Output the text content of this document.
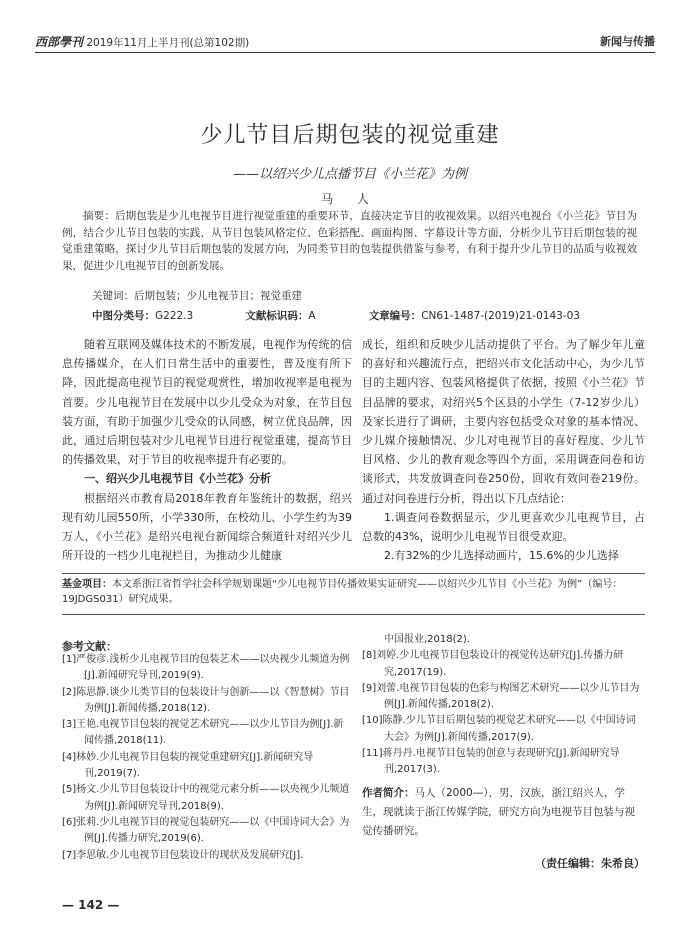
西部學刊 2019年11月上半月刊(总第102期)	新闻与传播
少儿节目后期包装的视觉重建
——以绍兴少儿点播节目《小兰花》为例
马 人
摘要：后期包装是少儿电视节目进行视觉重建的重要环节，直接决定节目的收视效果。以绍兴电视台《小兰花》节目为例，结合少儿节目包装的实践，从节目包装风格定位、色彩搭配、画面构图、字幕设计等方面，分析少儿节目后期包装的视觉重建策略，探讨少儿节目后期包装的发展方向，为同类节目的包装提供借鉴与参考，有利于提升少儿节目的品质与收视效果，促进少儿电视节目的创新发展。
关键词：后期包装；少儿电视节目；视觉重建
中图分类号：G222.3	文献标识码：A	文章编号：CN61-1487-(2019)21-0143-03

随着互联网及媒体技术的不断发展，电视作为传统的信息传播媒介，在人们日常生活中的重要性，普及度有所下降，因此提高电视节目的视觉观赏性，增加收视率是电视为首要。少儿电视节目在发展中以少儿受众为对象，在节目包装方面，有助于加强少儿受众的认同感，树立优良品牌，因此，通过后期包装对少儿电视节目进行视觉重建，提高节目的传播效果，对于节目的收视率提升有必要的。

一、绍兴少儿电视节目《小兰花》分析

根据绍兴市教育局2018年教育年鉴统计的数据，绍兴现有幼儿园550所，小学330所，在校幼儿、小学生约为39万人，《小兰花》是绍兴电视台新闻综合频道针对绍兴少儿所开设的一档少儿电视栏目，为推动少儿健康

成长，组织和反映少儿活动提供了平台。为了解少年儿童的喜好和兴趣流行点，把绍兴市文化活动中心，为少儿节目的主题内容、包装风格提供了依据，按照《小兰花》节目品牌的要求，对绍兴5个区县的小学生（7-12岁少儿）及家长进行了调研，主要内容包括受众对象的基本情况、少儿媒介接触情况、少儿对电视节目的喜好程度、少儿节目风格、少儿的教育观念等四个方面，采用调查问卷和访谈形式，共发放调查问卷250份，回收有效问卷219份。通过对问卷进行分析，得出以下几点结论：

1.调查问卷数据显示，少儿更喜欢少儿电视节目，占总数的43%，说明少儿电视节目很受欢迎。

2.有32%的少儿选择动画片，15.6%的少儿选择

基金项目：本文系浙江省哲学社会科学规划课题“少儿电视节目传播效果实证研究——以绍兴少儿节目《小兰花》为例”（编号：19JDGS031）研究成果。
参考文献：

[1]严俊彦.浅析少儿电视节目的包装艺术——以央视少儿频道为例[J].新闻研究导刊,2019(9).

[2]陈思静.谈少儿类节目的包装设计与创新——以《智慧树》节目为例[J].新闻传播,2018(12).

[3]王艳.电视节目包装的视觉艺术研究——以少儿节目为例[J].新闻传播,2018(11).

[4]林妙.少儿电视节目包装的视觉重建研究[J].新闻研究导刊,2019(7).

[5]杨文.少儿节目包装设计中的视觉元素分析——以央视少儿频道为例[J].新闻研究导刊,2018(9).

[6]张莉.少儿电视节目的视觉包装研究——以《中国诗词大会》为例[J].传播力研究,2019(6).

[7]李思敏.少儿电视节目包装设计的现状及发展研究[J].

中国报业,2018(2).

[8]刘婷.少儿电视节目包装设计的视觉传达研究[J].传播力研究,2017(19).

[9]刘蕾.电视节目包装的色彩与构图艺术研究——以少儿节目为例[J].新闻传播,2018(2).

[10]陈静.少儿节目后期包装的视觉艺术研究——以《中国诗词大会》为例[J].新闻传播,2017(9).

[11]蒋丹丹.电视节目包装的创意与表现研究[J].新闻研究导刊,2017(3).

作者简介：马人（2000—），男，汉族，浙江绍兴人，学生，现就读于浙江传媒学院，研究方向为电视节目包装与视觉传播研究。
（责任编辑：朱希良）
— 142 —
